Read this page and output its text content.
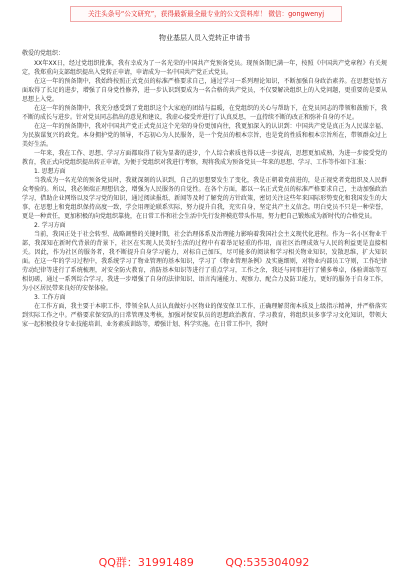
关注头条号“公文研究”，获得最新最全最专业的公文资料库！ 微信：gongwenyj

物业基层人员入党转正申请书

敬爱的党组织：

XX年XX日，经过党组织批准，我有幸成为了一名光荣的中国共产党预备党员。现预备期已满一年，按照《中国共产党章程》有关规定，我郑重向支部组织提出入党转正申请，申请成为一名中国共产党正式党员。

在这一年的预备期中，我始终按照正式党员的标准严格要求自己，通过学习一系列理论知识，不断加强自身政治素养。在思想觉悟方面取得了长足的进步，增强了自身党性修养，进一步认识到要成为一名合格的共产党员，不仅要解决组织上的入党问题，更重要的是要从思想上入党。

在这一年的预备期中，我充分感受到了党组织这个大家庭的团结与温暖，在党组织的关心与帮助下，在党员同志的带领和鼓励下，我不断的成长与进步。针对党员同志指出的意见和建议，我虚心接受并进行了认真反思，一直持续不断的改正和弥补自身的不足。

在这一年的预备期中，我对中国共产党正式党员这个光荣的身份更加向往，我更加深入的认识到：中国共产党是真正为人民谋幸福、为民族谋复兴的政党。本身拥护党的领导，不忘初心为人民服务，是一个党员的根本宗旨，也是党的性质和根本宗旨所在，带领群众过上美好生活。

一年来，我在工作、思想、学习方面都取得了较为显著的进步，个人综合素质也得以进一步提高，思想更加成熟，为进一步接受党的教育，我正式向党组织提出转正申请，为便于党组织对我进行考察，现将我成为预备党员一年来的思想、学习、工作等作如下汇报：

1. 思想方面

当我成为一名光荣的预备党员时，我就深刻的认识到，自己的思想要发生了变化，我是正朝着党前进的，是正视党者党组织及人民群众考验的。所以，我必须端正理想信念，增强为人民服务的自觉性。在各个方面，都以一名正式党员的标准严格要求自己，主动加强政治学习，借助企业网络以及学习党的知识，通过阅读报纸、新闻等及时了解党的方针政策，密切关注这些年来国际形势变化和我国发生的大事，在思想上和党组织保持高度一致，学会用理论联系实际，努力提升自我，充实自身，坚定共产主义信念。明白党员不只是一种荣誉，更是一种责任，更加积极的向党组织靠拢，在日常工作和社会生活中先行发挥模范带头作用，努力把自己锻炼成为新时代的合格党员。

2. 学习方面

当前，我国正处于社会转型、战略调整的关键时期，社会治理体系及治理能力影响着我国社会主义现代化进程。作为一名小区物业干部，我深知在新时代背景的背景下，社区在实现人民美好生活的过程中有着举足轻重的作用，而社区治理成效与人民的利益更是直接相关。因此，作为社区的服务者，我不断提升自身学习能力，对标自己加压，尽可能多的阅读和学习相关物业知识，发散思维，扩大知识面。在这一年的学习过程中，我系统学习了物业管理的基本知识，学习了《物业管理条例》及实施细则，对物业内部员工守则，工作纪律劳动纪律等进行了系统梳理，对安全防火教育，消防基本知识等进行了重点学习，工作之余，我还与同事进行了懂多尊卓，体验训练等互相切磋，通过一系列综合学习，我进一步增强了自身的法律知识、语言沟通能力、观察力、配合力及防卫能力，更好的服务于自身工作，为小区居民带来良好的安保体验。

3. 工作方面

在工作方面，我主要于本职工作，带领全队人员认真做好小区物业的保安保卫工作，正确理解贯彻本质及上级指示精神，并严格落实到实际工作之中。严格要求保安队的日常管理及考核，加强对保安队员的思想政治教育、学习教育，将组织员多事学习文化知识，带领大家一起积极投身专业技能培训、业务素质训练等，增强计划、科学实施。在日常工作中，我时

QQ群：31991489	QQ:535304092
